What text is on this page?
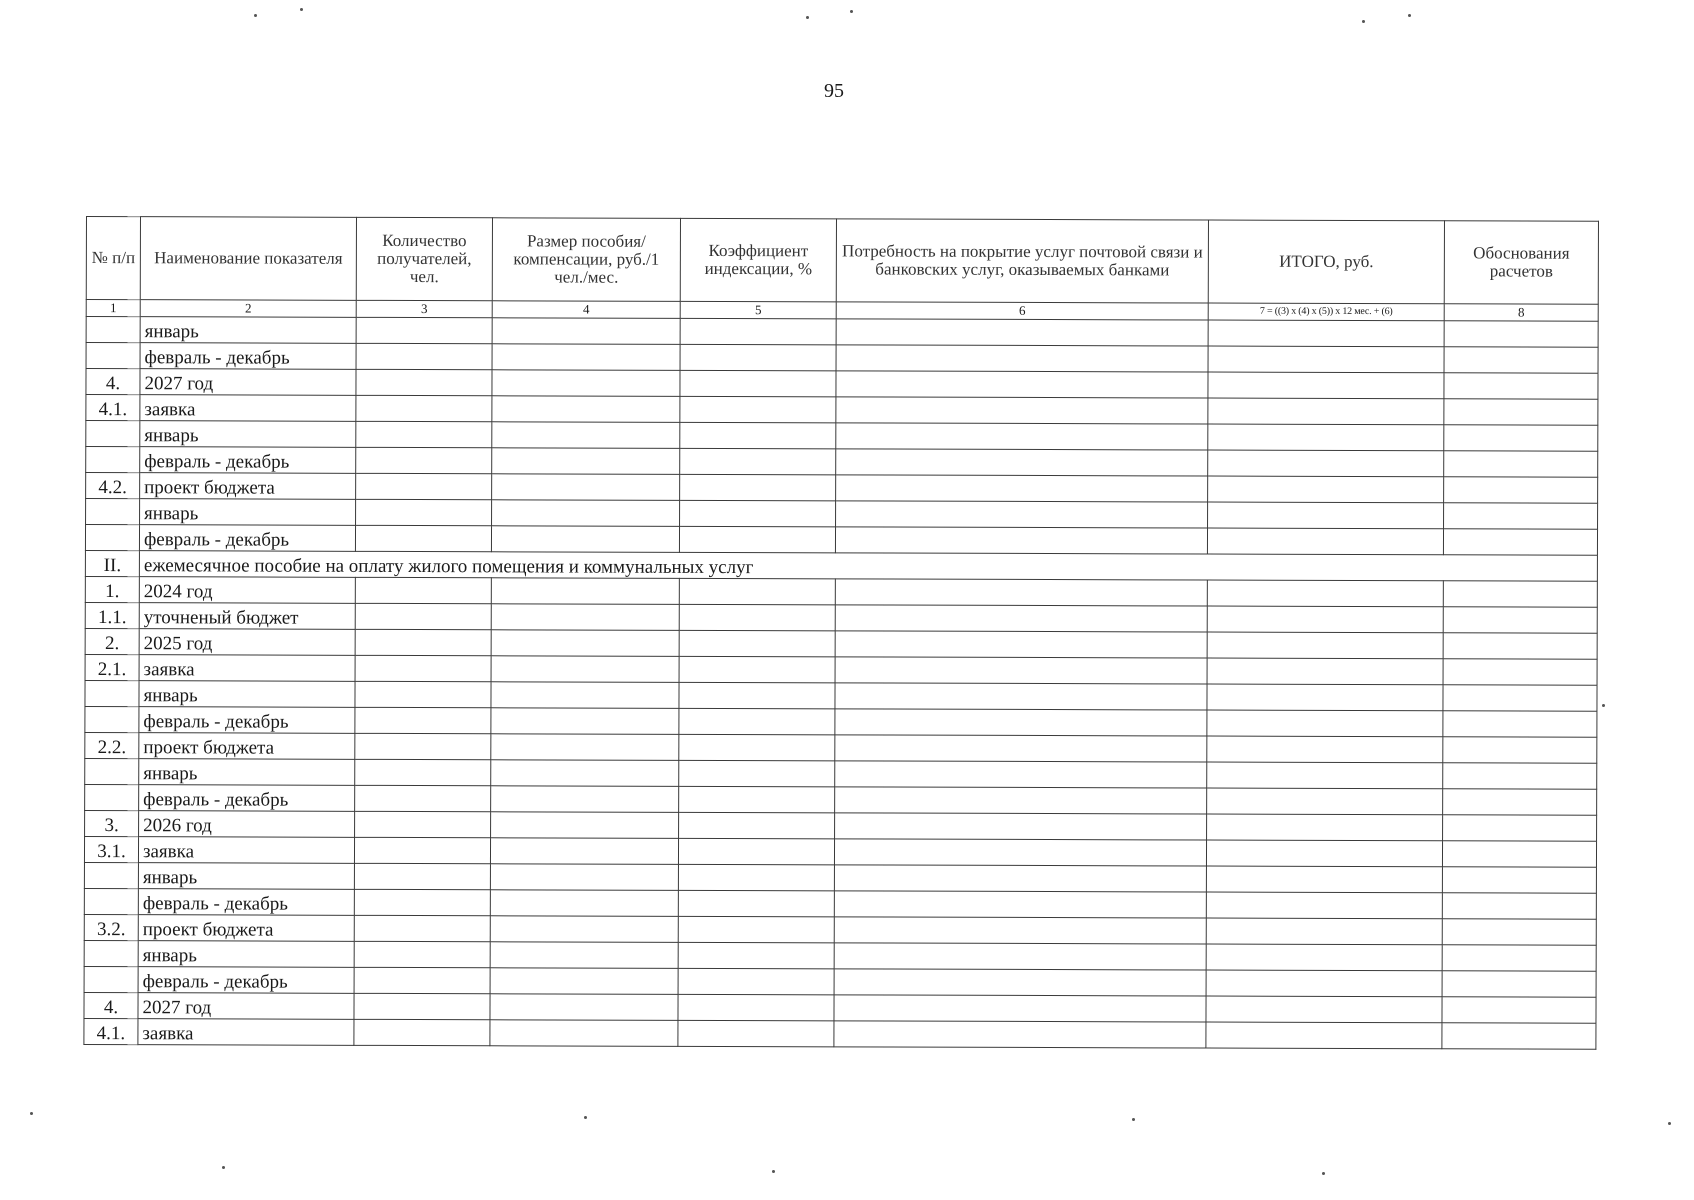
95
№ п/п	Наименование показателя	Количество получателей, чел.	Размер пособия/компенсации, руб./1 чел./мес.	Коэффициент индексации, %	Потребность на покрытие услуг почтовой связи и банковских услуг, оказываемых банками	ИТОГО, руб.	Обоснования расчетов
1	2	3	4	5	6	7 = ((3) x (4) x (5)) x 12 мес. + (6)	8
	январь						
	февраль - декабрь						
4.	2027 год						
4.1.	заявка						
	январь						
	февраль - декабрь						
4.2.	проект бюджета						
	январь						
	февраль - декабрь						
II.	ежемесячное пособие на оплату жилого помещения и коммунальных услуг						
1.	2024 год						
1.1.	уточненый бюджет						
2.	2025 год						
2.1.	заявка						
	январь						
	февраль - декабрь						
2.2.	проект бюджета						
	январь						
	февраль - декабрь						
3.	2026 год						
3.1.	заявка						
	январь						
	февраль - декабрь						
3.2.	проект бюджета						
	январь						
	февраль - декабрь						
4.	2027 год						
4.1.	заявка						
